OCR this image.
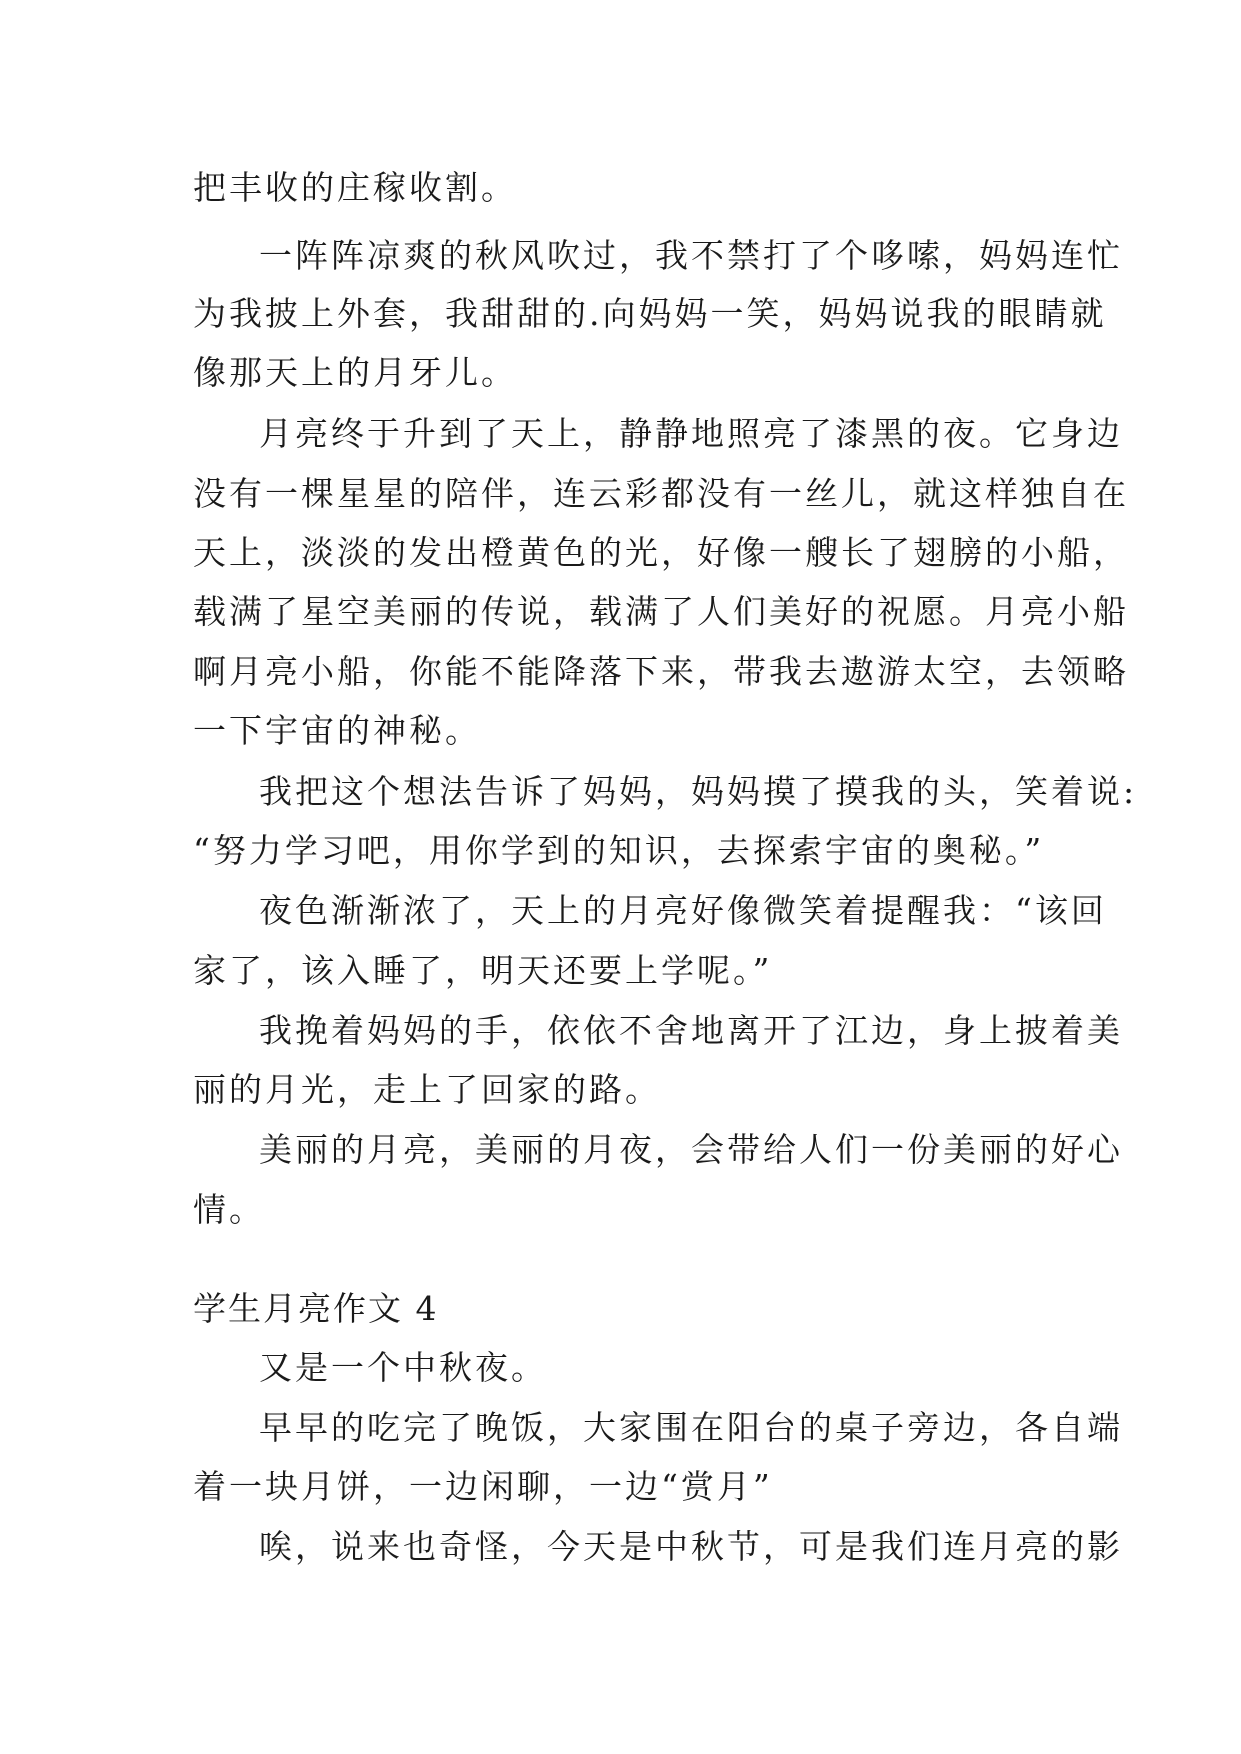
把丰收的庄稼收割。
一阵阵凉爽的秋风吹过，我不禁打了个哆嗦，妈妈连忙
为我披上外套，我甜甜的.向妈妈一笑，妈妈说我的眼睛就
像那天上的月牙儿。
月亮终于升到了天上，静静地照亮了漆黑的夜。它身边
没有一棵星星的陪伴，连云彩都没有一丝儿，就这样独自在
天上，淡淡的发出橙黄色的光，好像一艘长了翅膀的小船，
载满了星空美丽的传说，载满了人们美好的祝愿。月亮小船
啊月亮小船，你能不能降落下来，带我去遨游太空，去领略
一下宇宙的神秘。
我把这个想法告诉了妈妈，妈妈摸了摸我的头，笑着说:
“努力学习吧，用你学到的知识，去探索宇宙的奥秘。”
夜色渐渐浓了，天上的月亮好像微笑着提醒我：“该回
家了，该入睡了，明天还要上学呢。”
我挽着妈妈的手，依依不舍地离开了江边，身上披着美
丽的月光，走上了回家的路。
美丽的月亮，美丽的月夜，会带给人们一份美丽的好心
情。
学生月亮作文 4
又是一个中秋夜。
早早的吃完了晚饭，大家围在阳台的桌子旁边，各自端
着一块月饼，一边闲聊，一边“赏月”
唉，说来也奇怪，今天是中秋节，可是我们连月亮的影
